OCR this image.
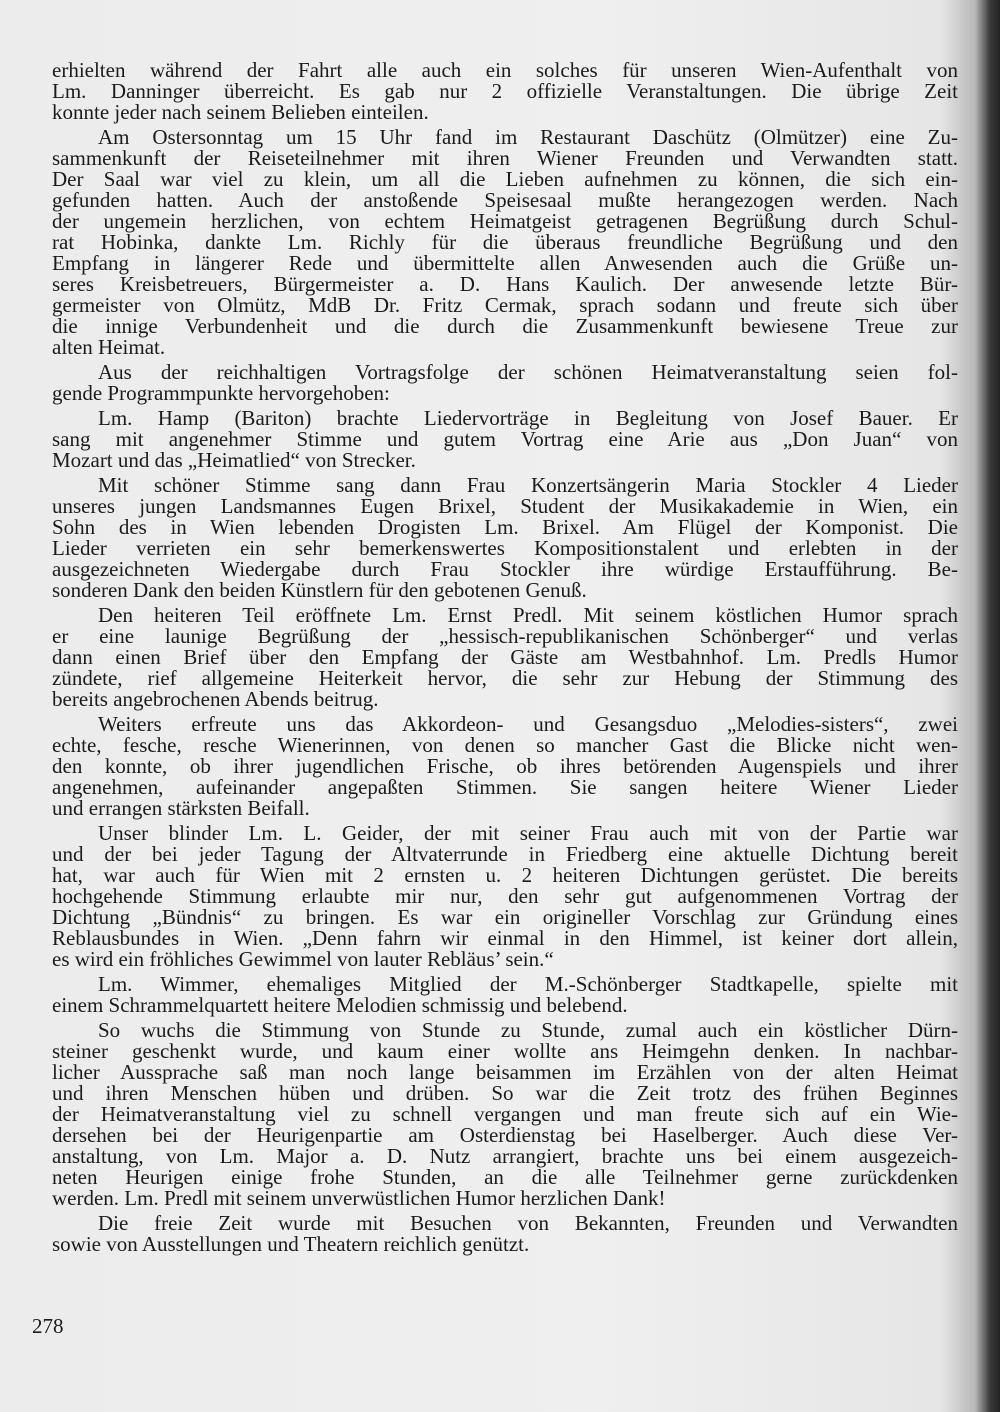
erhielten während der Fahrt alle auch ein solches für unseren Wien-Aufenthalt von
Lm. Danninger überreicht. Es gab nur 2 offizielle Veranstaltungen. Die übrige Zeit
konnte jeder nach seinem Belieben einteilen.
Am Ostersonntag um 15 Uhr fand im Restaurant Daschütz (Olmützer) eine Zu-
sammenkunft der Reiseteilnehmer mit ihren Wiener Freunden und Verwandten statt.
Der Saal war viel zu klein, um all die Lieben aufnehmen zu können, die sich ein-
gefunden hatten. Auch der anstoßende Speisesaal mußte herangezogen werden. Nach
der ungemein herzlichen, von echtem Heimatgeist getragenen Begrüßung durch Schul-
rat Hobinka, dankte Lm. Richly für die überaus freundliche Begrüßung und den
Empfang in längerer Rede und übermittelte allen Anwesenden auch die Grüße un-
seres Kreisbetreuers, Bürgermeister a. D. Hans Kaulich. Der anwesende letzte Bür-
germeister von Olmütz, MdB Dr. Fritz Cermak, sprach sodann und freute sich über
die innige Verbundenheit und die durch die Zusammenkunft bewiesene Treue zur
alten Heimat.
Aus der reichhaltigen Vortragsfolge der schönen Heimatveranstaltung seien fol-
gende Programmpunkte hervorgehoben:
Lm. Hamp (Bariton) brachte Liedervorträge in Begleitung von Josef Bauer. Er
sang mit angenehmer Stimme und gutem Vortrag eine Arie aus „Don Juan“ von
Mozart und das „Heimatlied“ von Strecker.
Mit schöner Stimme sang dann Frau Konzertsängerin Maria Stockler 4 Lieder
unseres jungen Landsmannes Eugen Brixel, Student der Musikakademie in Wien, ein
Sohn des in Wien lebenden Drogisten Lm. Brixel. Am Flügel der Komponist. Die
Lieder verrieten ein sehr bemerkenswertes Kompositionstalent und erlebten in der
ausgezeichneten Wiedergabe durch Frau Stockler ihre würdige Erstaufführung. Be-
sonderen Dank den beiden Künstlern für den gebotenen Genuß.
Den heiteren Teil eröffnete Lm. Ernst Predl. Mit seinem köstlichen Humor sprach
er eine launige Begrüßung der „hessisch-republikanischen Schönberger“ und verlas
dann einen Brief über den Empfang der Gäste am Westbahnhof. Lm. Predls Humor
zündete, rief allgemeine Heiterkeit hervor, die sehr zur Hebung der Stimmung des
bereits angebrochenen Abends beitrug.
Weiters erfreute uns das Akkordeon- und Gesangsduo „Melodies-sisters“, zwei
echte, fesche, resche Wienerinnen, von denen so mancher Gast die Blicke nicht wen-
den konnte, ob ihrer jugendlichen Frische, ob ihres betörenden Augenspiels und ihrer
angenehmen, aufeinander angepaßten Stimmen. Sie sangen heitere Wiener Lieder
und errangen stärksten Beifall.
Unser blinder Lm. L. Geider, der mit seiner Frau auch mit von der Partie war
und der bei jeder Tagung der Altvaterrunde in Friedberg eine aktuelle Dichtung bereit
hat, war auch für Wien mit 2 ernsten u. 2 heiteren Dichtungen gerüstet. Die bereits
hochgehende Stimmung erlaubte mir nur, den sehr gut aufgenommenen Vortrag der
Dichtung „Bündnis“ zu bringen. Es war ein origineller Vorschlag zur Gründung eines
Reblausbundes in Wien. „Denn fahrn wir einmal in den Himmel, ist keiner dort allein,
es wird ein fröhliches Gewimmel von lauter Rebläus’ sein.“
Lm. Wimmer, ehemaliges Mitglied der M.-Schönberger Stadtkapelle, spielte mit
einem Schrammelquartett heitere Melodien schmissig und belebend.
So wuchs die Stimmung von Stunde zu Stunde, zumal auch ein köstlicher Dürn-
steiner geschenkt wurde, und kaum einer wollte ans Heimgehn denken. In nachbar-
licher Aussprache saß man noch lange beisammen im Erzählen von der alten Heimat
und ihren Menschen hüben und drüben. So war die Zeit trotz des frühen Beginnes
der Heimatveranstaltung viel zu schnell vergangen und man freute sich auf ein Wie-
dersehen bei der Heurigenpartie am Osterdienstag bei Haselberger. Auch diese Ver-
anstaltung, von Lm. Major a. D. Nutz arrangiert, brachte uns bei einem ausgezeich-
neten Heurigen einige frohe Stunden, an die alle Teilnehmer gerne zurückdenken
werden. Lm. Predl mit seinem unverwüstlichen Humor herzlichen Dank!
Die freie Zeit wurde mit Besuchen von Bekannten, Freunden und Verwandten
sowie von Ausstellungen und Theatern reichlich genützt.
278
